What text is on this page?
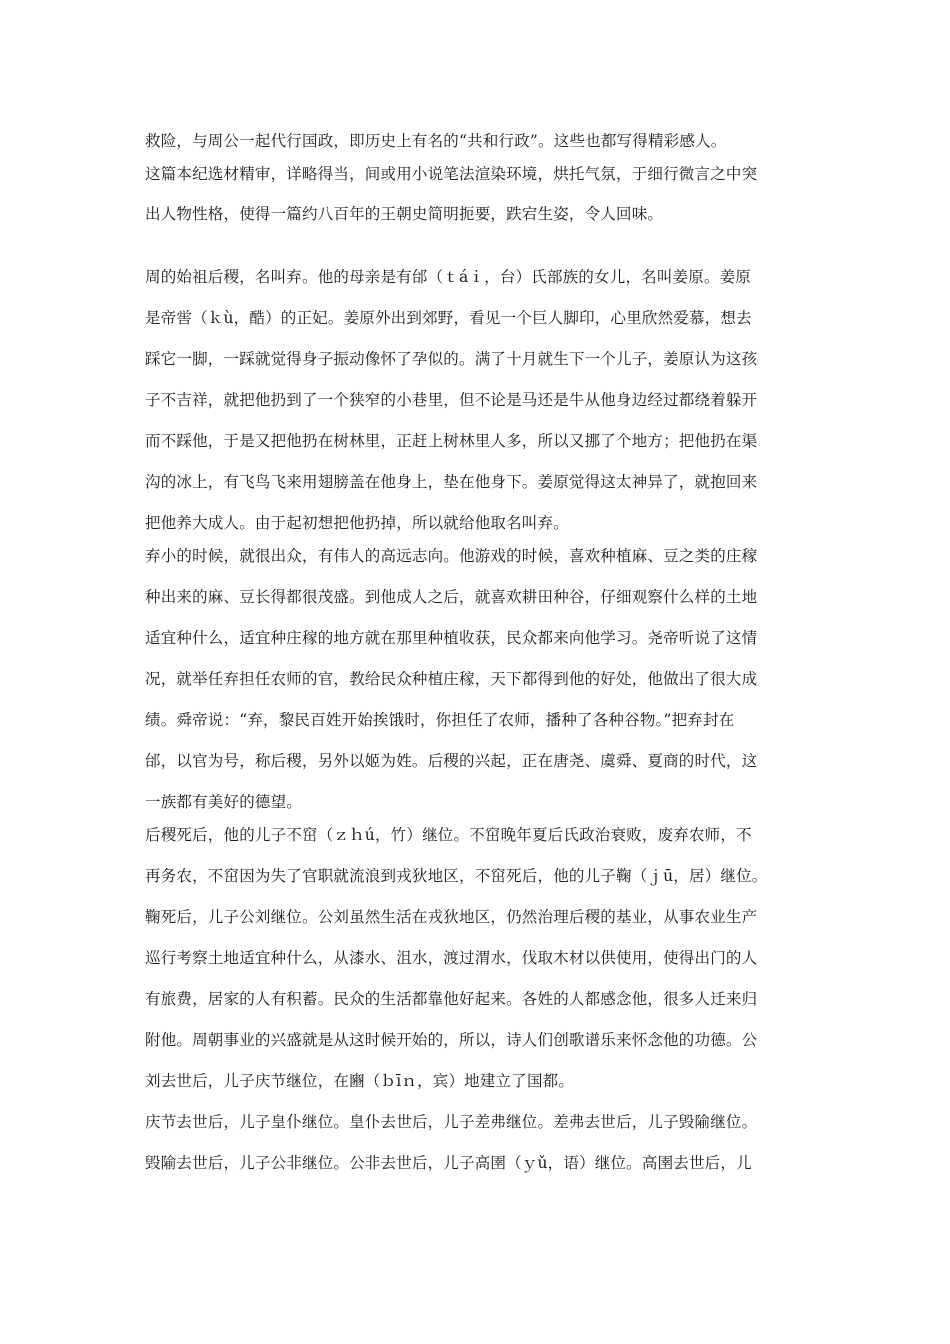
救险，与周公一起代行国政，即历史上有名的“共和行政”。这些也都写得精彩感人。
这篇本纪选材精审，详略得当，间或用小说笔法渲染环境，烘托气氛，于细行微言之中突
出人物性格，使得一篇约八百年的王朝史简明扼要，跌宕生姿，令人回味。
周的始祖后稷，名叫弃。他的母亲是有邰（ｔáｉ，台）氏部族的女儿，名叫姜原。姜原
是帝喾（ｋù，酷）的正妃。姜原外出到郊野，看见一个巨人脚印，心里欣然爱慕，想去
踩它一脚，一踩就觉得身子振动像怀了孕似的。满了十月就生下一个儿子，姜原认为这孩
子不吉祥，就把他扔到了一个狭窄的小巷里，但不论是马还是牛从他身边经过都绕着躲开
而不踩他，于是又把他扔在树林里，正赶上树林里人多，所以又挪了个地方；把他扔在渠
沟的冰上，有飞鸟飞来用翅膀盖在他身上，垫在他身下。姜原觉得这太神异了，就抱回来
把他养大成人。由于起初想把他扔掉，所以就给他取名叫弃。
弃小的时候，就很出众，有伟人的高远志向。他游戏的时候，喜欢种植麻、豆之类的庄稼
种出来的麻、豆长得都很茂盛。到他成人之后，就喜欢耕田种谷，仔细观察什么样的土地
适宜种什么，适宜种庄稼的地方就在那里种植收获，民众都来向他学习。尧帝听说了这情
况，就举任弃担任农师的官，教给民众种植庄稼，天下都得到他的好处，他做出了很大成
绩。舜帝说：“弃，黎民百姓开始挨饿时，你担任了农师，播种了各种谷物。”把弃封在
邰，以官为号，称后稷，另外以姬为姓。后稷的兴起，正在唐尧、虞舜、夏商的时代，这
一族都有美好的德望。
后稷死后，他的儿子不窋（ｚｈú，竹）继位。不窋晚年夏后氏政治衰败，废弃农师，不
再务农，不窋因为失了官职就流浪到戎狄地区，不窋死后，他的儿子鞠（ｊū，居）继位。
鞠死后，儿子公刘继位。公刘虽然生活在戎狄地区，仍然治理后稷的基业，从事农业生产
巡行考察土地适宜种什么，从漆水、沮水，渡过渭水，伐取木材以供使用，使得出门的人
有旅费，居家的人有积蓄。民众的生活都靠他好起来。各姓的人都感念他，很多人迁来归
附他。周朝事业的兴盛就是从这时候开始的，所以，诗人们创歌谱乐来怀念他的功德。公
刘去世后，儿子庆节继位，在豳（ｂīｎ，宾）地建立了国都。
庆节去世后，儿子皇仆继位。皇仆去世后，儿子差弗继位。差弗去世后，儿子毁隃继位。
毁隃去世后，儿子公非继位。公非去世后，儿子高圉（ｙǔ，语）继位。高圉去世后，儿
